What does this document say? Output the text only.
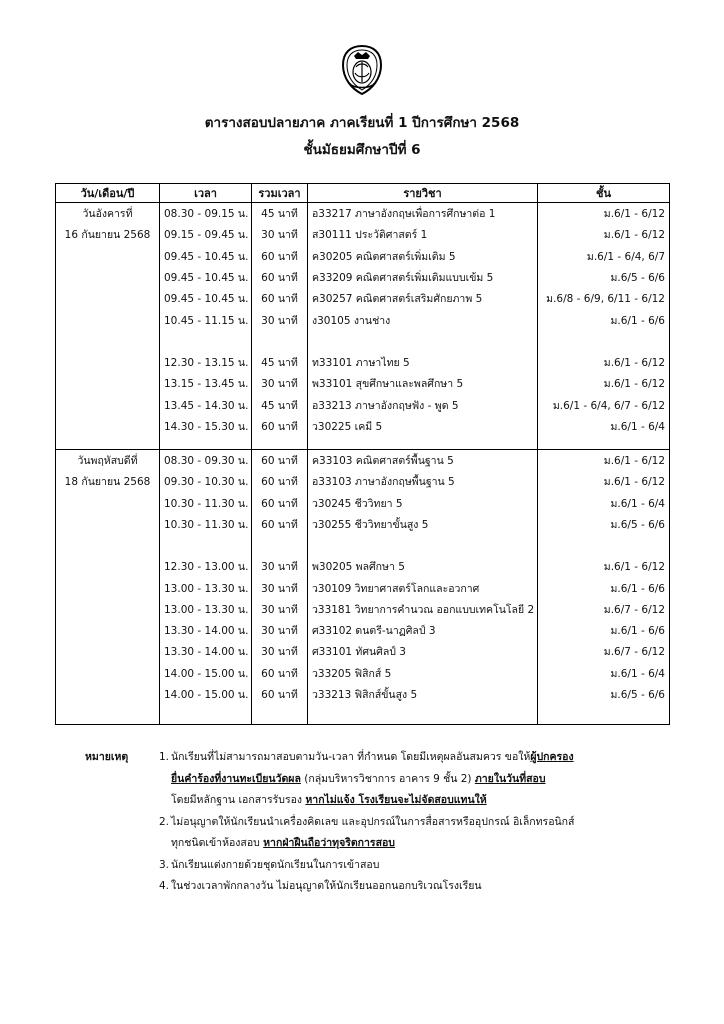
ตารางสอบปลายภาค ภาคเรียนที่ 1 ปีการศึกษา 2568
ชั้นมัธยมศึกษาปีที่ 6
วัน/เดือน/ปี	เวลา	รวมเวลา	รายวิชา	ชั้น
วันอังคารที่	08.30 - 09.15 น.	45 นาที	อ33217 ภาษาอังกฤษเพื่อการศึกษาต่อ 1	ม.6/1 - 6/12
16 กันยายน 2568	09.15 - 09.45 น.	30 นาที	ส30111 ประวัติศาสตร์ 1	ม.6/1 - 6/12
	09.45 - 10.45 น.	60 นาที	ค30205 คณิตศาสตร์เพิ่มเติม 5	ม.6/1 - 6/4, 6/7
	09.45 - 10.45 น.	60 นาที	ค33209 คณิตศาสตร์เพิ่มเติมแบบเข้ม 5	ม.6/5 - 6/6
	09.45 - 10.45 น.	60 นาที	ค30257 คณิตศาสตร์เสริมศักยภาพ 5	ม.6/8 - 6/9, 6/11 - 6/12
	10.45 - 11.15 น.	30 นาที	ง30105 งานช่าง	ม.6/1 - 6/6

	12.30 - 13.15 น.	45 นาที	ท33101 ภาษาไทย 5	ม.6/1 - 6/12
	13.15 - 13.45 น.	30 นาที	พ33101 สุขศึกษาและพลศึกษา 5	ม.6/1 - 6/12
	13.45 - 14.30 น.	45 นาที	อ33213 ภาษาอังกฤษฟัง - พูด 5	ม.6/1 - 6/4, 6/7 - 6/12
	14.30 - 15.30 น.	60 นาที	ว30225 เคมี 5	ม.6/1 - 6/4

วันพฤหัสบดีที่	08.30 - 09.30 น.	60 นาที	ค33103 คณิตศาสตร์พื้นฐาน 5	ม.6/1 - 6/12
18 กันยายน 2568	09.30 - 10.30 น.	60 นาที	อ33103 ภาษาอังกฤษพื้นฐาน 5	ม.6/1 - 6/12
	10.30 - 11.30 น.	60 นาที	ว30245 ชีววิทยา 5	ม.6/1 - 6/4
	10.30 - 11.30 น.	60 นาที	ว30255 ชีววิทยาขั้นสูง 5	ม.6/5 - 6/6

	12.30 - 13.00 น.	30 นาที	พ30205 พลศึกษา 5	ม.6/1 - 6/12
	13.00 - 13.30 น.	30 นาที	ว30109 วิทยาศาสตร์โลกและอวกาศ	ม.6/1 - 6/6
	13.00 - 13.30 น.	30 นาที	ว33181 วิทยาการคำนวณ ออกแบบเทคโนโลยี 2	ม.6/7 - 6/12
	13.30 - 14.00 น.	30 นาที	ศ33102 ดนตรี-นาฏศิลป์ 3	ม.6/1 - 6/6
	13.30 - 14.00 น.	30 นาที	ศ33101 ทัศนศิลป์ 3	ม.6/7 - 6/12
	14.00 - 15.00 น.	60 นาที	ว33205 ฟิสิกส์ 5	ม.6/1 - 6/4
	14.00 - 15.00 น.	60 นาที	ว33213 ฟิสิกส์ขั้นสูง 5	ม.6/5 - 6/6

หมายเหตุ	1. นักเรียนที่ไม่สามารถมาสอบตามวัน-เวลา ที่กำหนด โดยมีเหตุผลอันสมควร ขอให้ผู้ปกครอง
ยื่นคำร้องที่งานทะเบียนวัดผล (กลุ่มบริหารวิชาการ อาคาร 9 ชั้น 2) ภายในวันที่สอบ
โดยมีหลักฐาน เอกสารรับรอง หากไม่แจ้ง โรงเรียนจะไม่จัดสอบแทนให้
2. ไม่อนุญาตให้นักเรียนนำเครื่องคิดเลข และอุปกรณ์ในการสื่อสารหรืออุปกรณ์ อิเล็กทรอนิกส์
ทุกชนิดเข้าห้องสอบ หากฝ่าฝืนถือว่าทุจริตการสอบ
3. นักเรียนแต่งกายด้วยชุดนักเรียนในการเข้าสอบ
4. ในช่วงเวลาพักกลางวัน ไม่อนุญาตให้นักเรียนออกนอกบริเวณโรงเรียน
